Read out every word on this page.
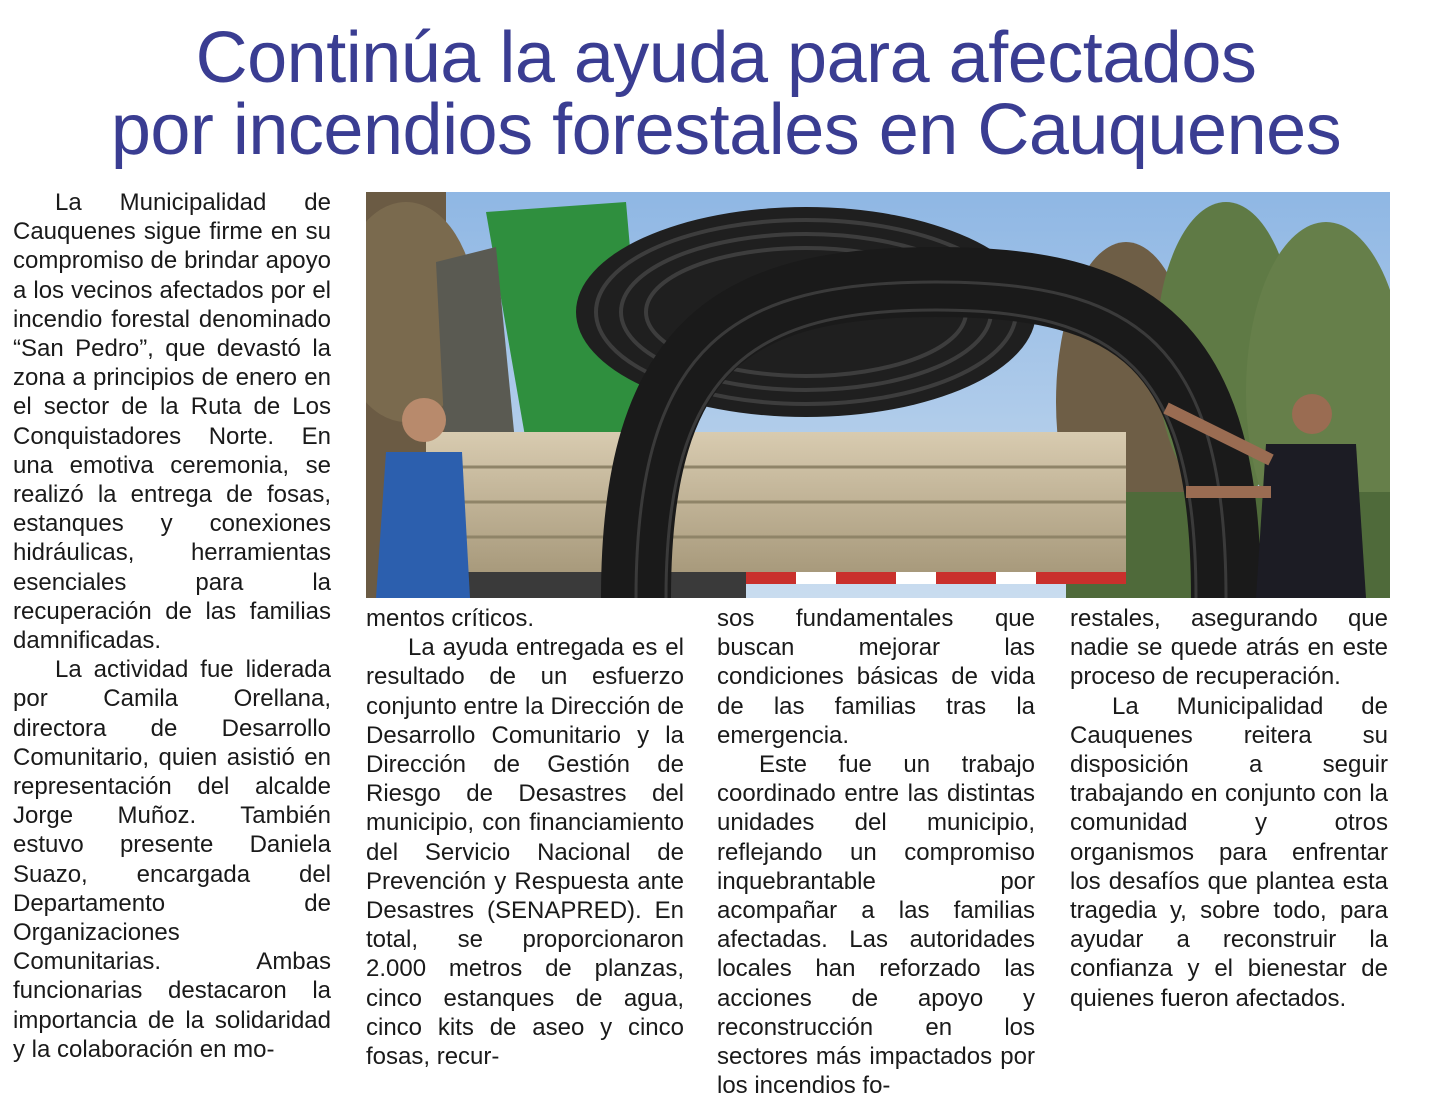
Continúa la ayuda para afectados
por incendios forestales en Cauquenes

La Municipalidad de Cauquenes sigue firme en su compromiso de brindar apoyo a los vecinos afectados por el incendio forestal denominado “San Pedro”, que devastó la zona a principios de enero en el sector de la Ruta de Los Conquistadores Norte. En una emotiva ceremonia, se realizó la entrega de fosas, estanques y conexiones hidráulicas, herramientas esenciales para la recuperación de las familias damnificadas.

La actividad fue liderada por Camila Orellana, directora de Desarrollo Comunitario, quien asistió en representación del alcalde Jorge Muñoz. También estuvo presente Daniela Suazo, encargada del Departamento de Organizaciones Comunitarias. Ambas funcionarias destacaron la importancia de la solidaridad y la colaboración en mo-

mentos críticos.

La ayuda entregada es el resultado de un esfuerzo conjunto entre la Dirección de Desarrollo Comunitario y la Dirección de Gestión de Riesgo de Desastres del municipio, con financiamiento del Servicio Nacional de Prevención y Respuesta ante Desastres (SENAPRED). En total, se proporcionaron 2.000 metros de planzas, cinco estanques de agua, cinco kits de aseo y cinco fosas, recur-

sos fundamentales que buscan mejorar las condiciones básicas de vida de las familias tras la emergencia.

Este fue un trabajo coordinado entre las distintas unidades del municipio, reflejando un compromiso inquebrantable por acompañar a las familias afectadas. Las autoridades locales han reforzado las acciones de apoyo y reconstrucción en los sectores más impactados por los incendios fo-

restales, asegurando que nadie se quede atrás en este proceso de recuperación.

La Municipalidad de Cauquenes reitera su disposición a seguir trabajando en conjunto con la comunidad y otros organismos para enfrentar los desafíos que plantea esta tragedia y, sobre todo, para ayudar a reconstruir la confianza y el bienestar de quienes fueron afectados.
